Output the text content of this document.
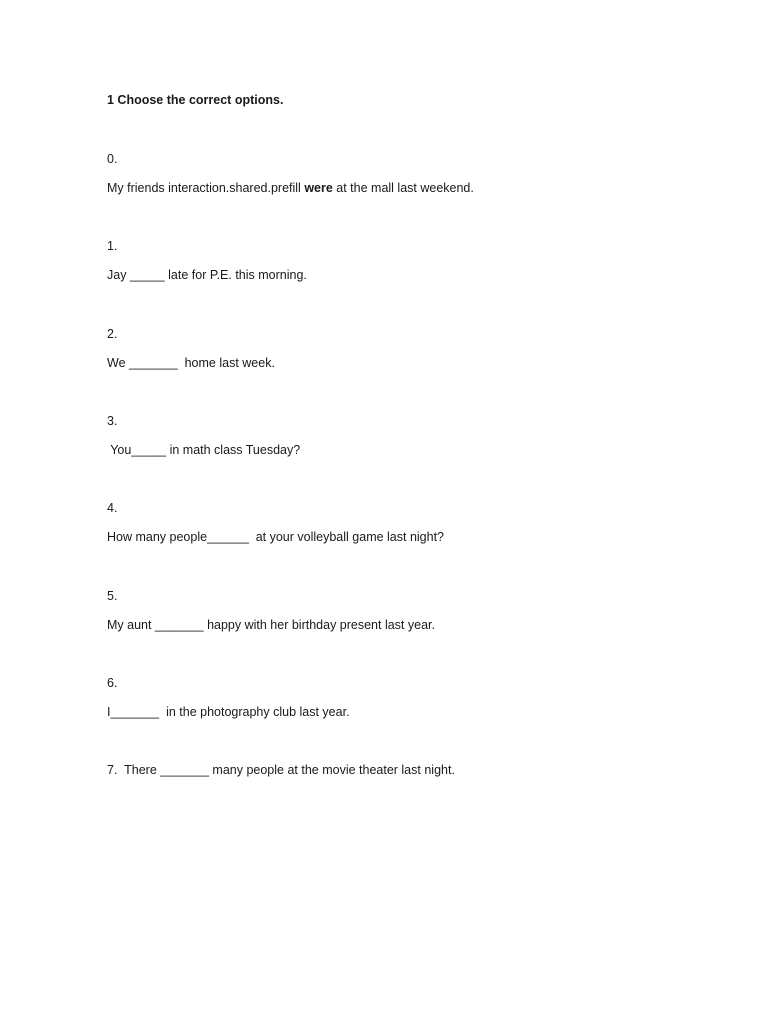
1 Choose the correct options.
0.
My friends interaction.shared.prefill were at the mall last weekend.
1.
Jay _____ late for P.E. this morning.
2.
We _______  home last week.
3.
You_____ in math class Tuesday?
4.
How many people______  at your volleyball game last night?
5.
My aunt _______ happy with her birthday present last year.
6.
I_______  in the photography club last year.
7.  There _______ many people at the movie theater last night.
